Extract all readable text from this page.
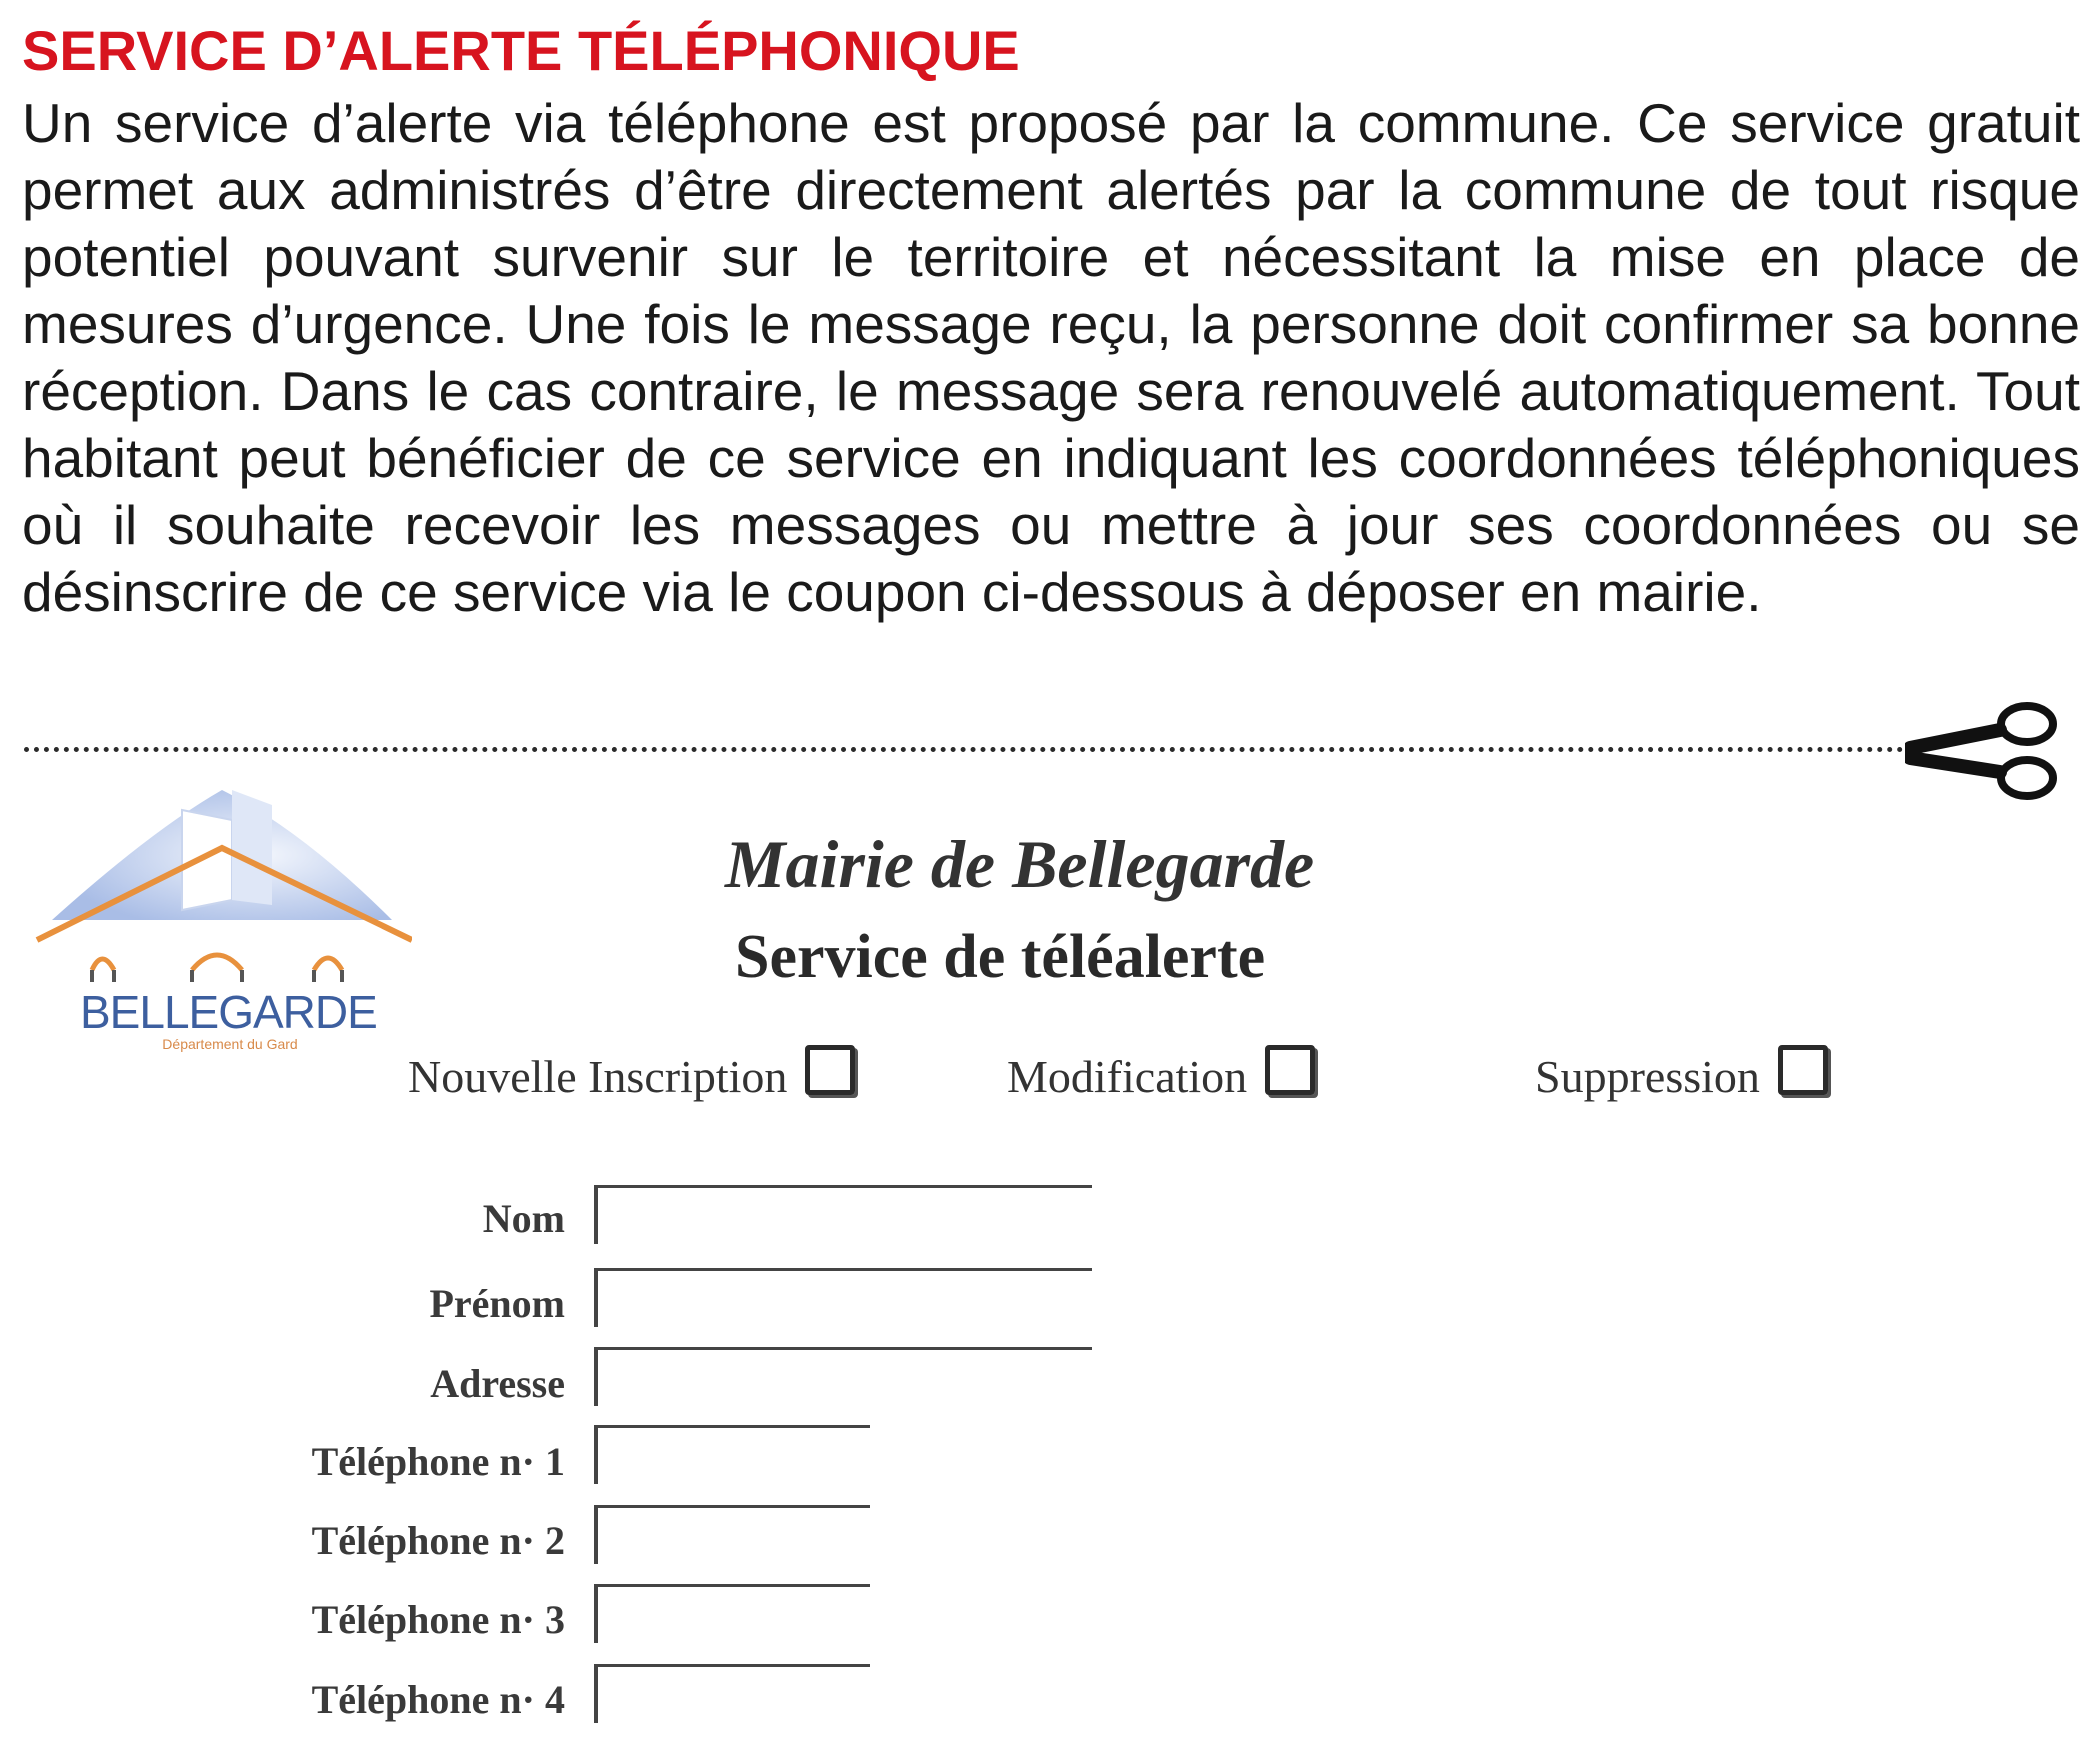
SERVICE D’ALERTE TÉLÉPHONIQUE
Un service d’alerte via téléphone est proposé par la commune. Ce service gratuit permet aux administrés d’être directement alertés par la commune de tout risque potentiel pouvant survenir sur le territoire et nécessitant la mise en place de mesures d’urgence. Une fois le message reçu, la personne doit confirmer sa bonne réception. Dans le cas contraire, le message sera renouvelé automatiquement. Tout habitant peut bénéficier de ce service en indiquant les coordonnées téléphoniques où il souhaite recevoir les messages ou mettre à jour ses coordonnées ou se désinscrire de ce service via le coupon ci-dessous à déposer en mairie.
BELLEGARDE
Département du Gard
Mairie de Bellegarde
Service de téléalerte
Nouvelle Inscription	Modification	Suppression
Nom
Prénom
Adresse
Téléphone n· 1
Téléphone n· 2
Téléphone n· 3
Téléphone n· 4
